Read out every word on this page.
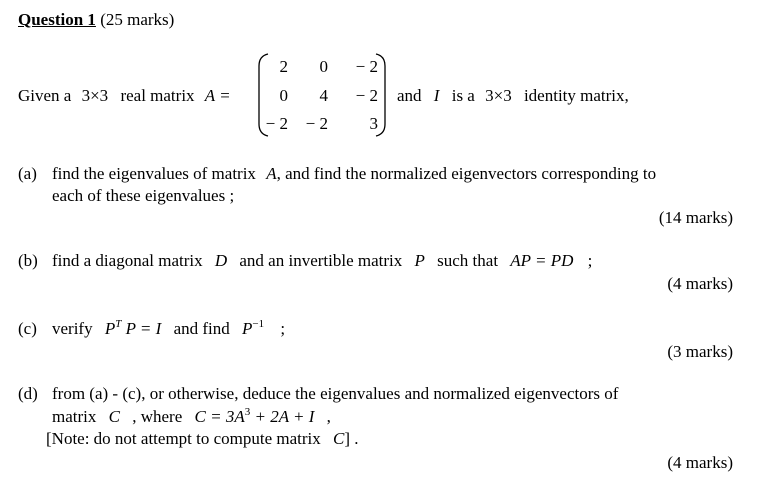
Question 1 (25 marks)
Given a 3×3 real matrix A =
2	0	− 2
0	4	− 2
− 2	− 2	3
and I is a 3×3 identity matrix,
(a) find the eigenvalues of matrix A, and find the normalized eigenvectors corresponding to
each of these eigenvalues ;
(14 marks)
(b) find a diagonal matrix D and an invertible matrix P such that AP = PD ;
(4 marks)
(c) verify $P^T$ P = I and find $P^{-1}$ ;
(3 marks)
(d) from (a) - (c), or otherwise, deduce the eigenvalues and normalized eigenvectors of
matrix C , where $C = 3A^3 + 2A + I$ ,
[Note: do not attempt to compute matrix C] .
(4 marks)
